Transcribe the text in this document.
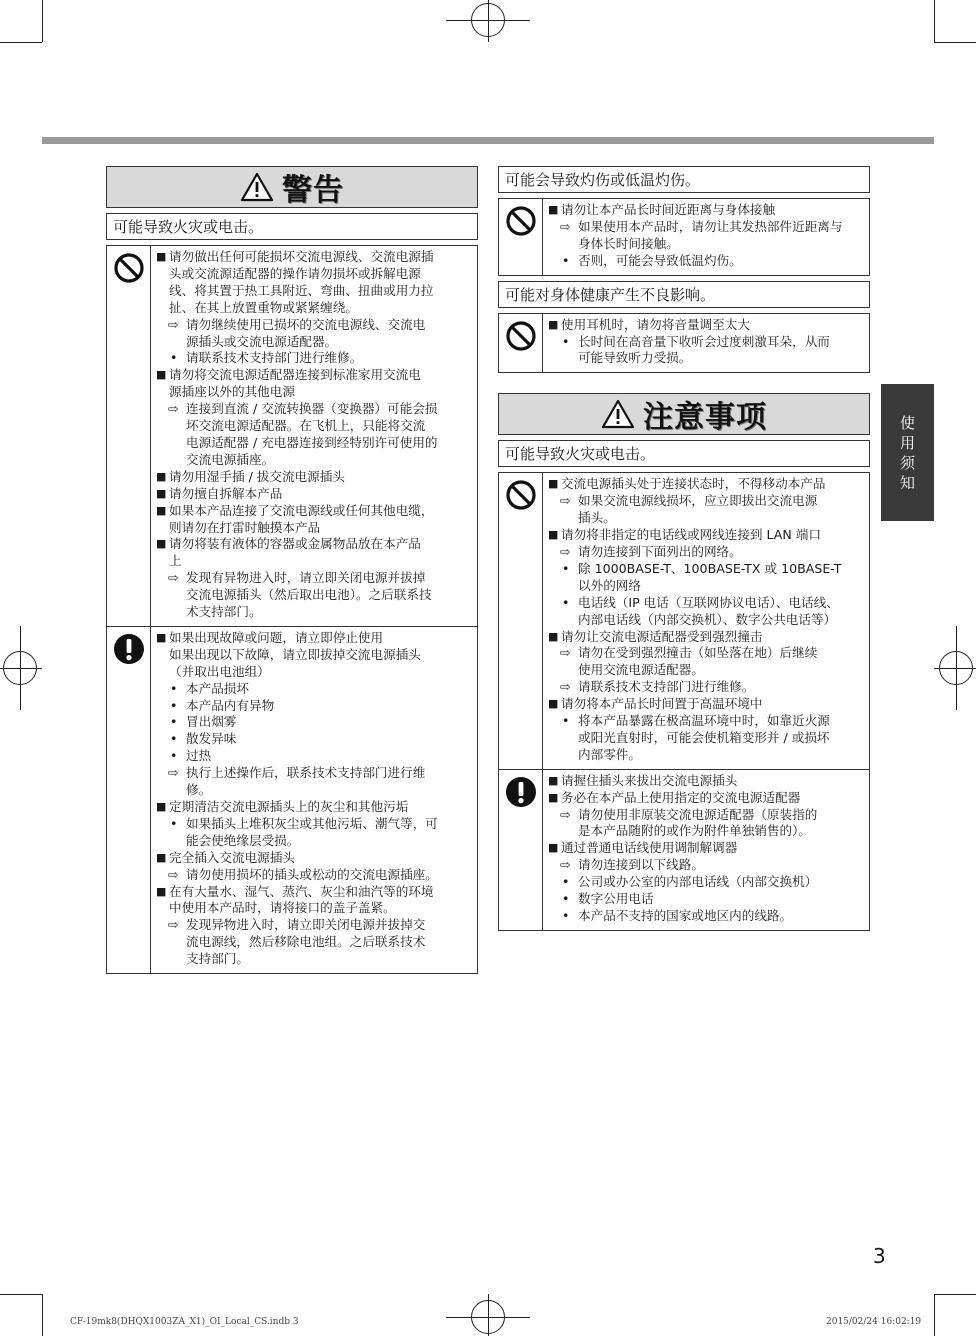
警告
可能导致火灾或电击。
■ 请勿做出任何可能损坏交流电源线、交流电源插
头或交流源适配器的操作请勿损坏或拆解电源
线、将其置于热工具附近、弯曲、扭曲或用力拉
扯、在其上放置重物或紧紧缠绕。
⇨ 请勿继续使用已损坏的交流电源线、交流电
源插头或交流电源适配器。
• 请联系技术支持部门进行维修。
■ 请勿将交流电源适配器连接到标准家用交流电
源插座以外的其他电源
⇨ 连接到直流 / 交流转换器（变换器）可能会损
坏交流电源适配器。在飞机上，只能将交流
电源适配器 / 充电器连接到经特别许可使用的
交流电源插座。
■ 请勿用湿手插 / 拔交流电源插头
■ 请勿擅自拆解本产品
■ 如果本产品连接了交流电源线或任何其他电缆，
则请勿在打雷时触摸本产品
■ 请勿将装有液体的容器或金属物品放在本产品
上
⇨ 发现有异物进入时，请立即关闭电源并拔掉
交流电源插头（然后取出电池）。之后联系技
术支持部门。
■ 如果出现故障或问题，请立即停止使用
如果出现以下故障，请立即拔掉交流电源插头
（并取出电池组）
• 本产品损坏
• 本产品内有异物
• 冒出烟雾
• 散发异味
• 过热
⇨ 执行上述操作后，联系技术支持部门进行维
修。
■ 定期清洁交流电源插头上的灰尘和其他污垢
• 如果插头上堆积灰尘或其他污垢、潮气等，可
能会使绝缘层受损。
■ 完全插入交流电源插头
⇨ 请勿使用损坏的插头或松动的交流电源插座。
■ 在有大量水、湿气、蒸汽、灰尘和油汽等的环境
中使用本产品时，请将接口的盖子盖紧。
⇨ 发现异物进入时，请立即关闭电源并拔掉交
流电源线，然后移除电池组。之后联系技术
支持部门。
可能会导致灼伤或低温灼伤。
■ 请勿让本产品长时间近距离与身体接触
⇨ 如果使用本产品时，请勿让其发热部件近距离与
身体长时间接触。
• 否则，可能会导致低温灼伤。
可能对身体健康产生不良影响。
■ 使用耳机时，请勿将音量调至太大
• 长时间在高音量下收听会过度刺激耳朵，从而
可能导致听力受损。
注意事项
可能导致火灾或电击。
■ 交流电源插头处于连接状态时，不得移动本产品
⇨ 如果交流电源线损坏，应立即拔出交流电源
插头。
■ 请勿将非指定的电话线或网线连接到 LAN 端口
⇨ 请勿连接到下面列出的网络。
• 除 1000BASE-T、100BASE-TX 或 10BASE-T
以外的网络
• 电话线（IP 电话（互联网协议电话）、电话线、
内部电话线（内部交换机）、数字公共电话等）
■ 请勿让交流电源适配器受到强烈撞击
⇨ 请勿在受到强烈撞击（如坠落在地）后继续
使用交流电源适配器。
⇨ 请联系技术支持部门进行维修。
■ 请勿将本产品长时间置于高温环境中
• 将本产品暴露在极高温环境中时，如靠近火源
或阳光直射时，可能会使机箱变形并 / 或损坏
内部零件。
■ 请握住插头来拔出交流电源插头
■ 务必在本产品上使用指定的交流电源适配器
⇨ 请勿使用非原装交流电源适配器（原装指的
是本产品随附的或作为附件单独销售的）。
■ 通过普通电话线使用调制解调器
⇨ 请勿连接到以下线路。
• 公司或办公室的内部电话线（内部交换机）
• 数字公用电话
• 本产品不支持的国家或地区内的线路。
使
用
须
知
3
CF-19mk8(DHQX1003ZA_X1)_OI_Local_CS.indb 3	2015/02/24 16:02:19
